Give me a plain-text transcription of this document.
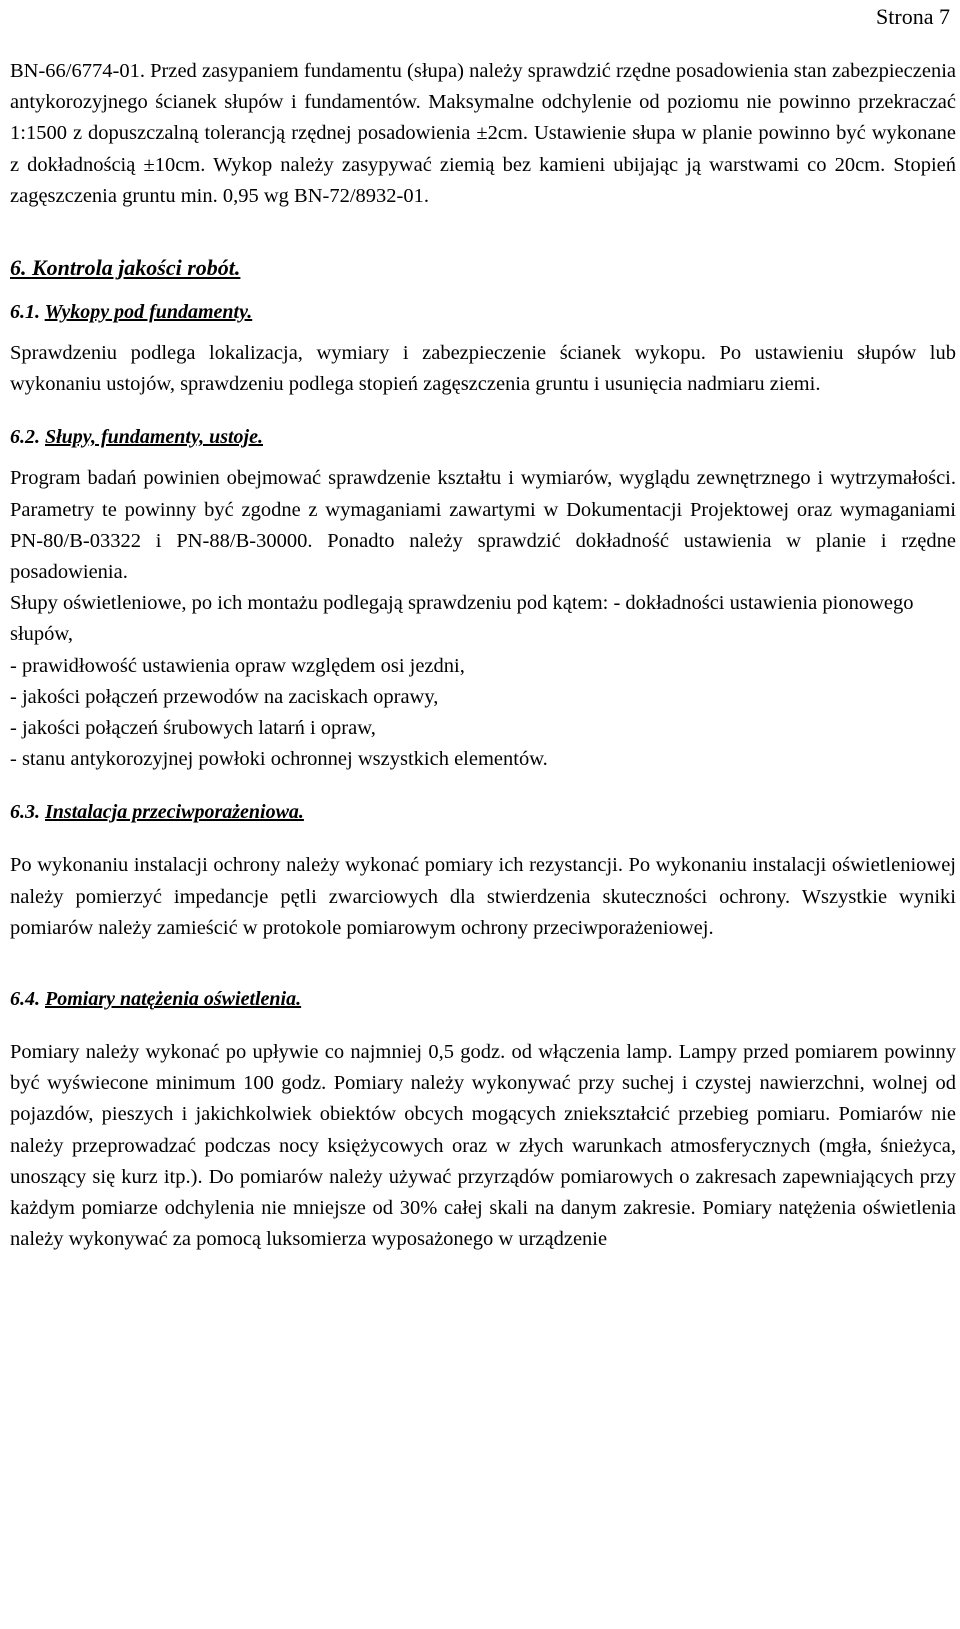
Strona 7

BN-66/6774-01. Przed zasypaniem fundamentu (słupa) należy sprawdzić rzędne posadowienia stan zabezpieczenia antykorozyjnego ścianek słupów i fundamentów. Maksymalne odchylenie od poziomu nie powinno przekraczać 1:1500 z dopuszczalną tolerancją rzędnej posadowienia ±2cm. Ustawienie słupa w planie powinno być wykonane z dokładnością ±10cm. Wykop należy zasypywać ziemią bez kamieni ubijając ją warstwami co 20cm. Stopień zagęszczenia gruntu min. 0,95 wg BN-72/8932-01.

6. Kontrola jakości robót.
6.1. Wykopy pod fundamenty.

Sprawdzeniu podlega lokalizacja, wymiary i zabezpieczenie ścianek wykopu. Po ustawieniu słupów lub wykonaniu ustojów, sprawdzeniu podlega stopień zagęszczenia gruntu i usunięcia nadmiaru ziemi.

6.2. Słupy, fundamenty, ustoje.

Program badań powinien obejmować sprawdzenie kształtu i wymiarów, wyglądu zewnętrznego i wytrzymałości. Parametry te powinny być zgodne z wymaganiami zawartymi w Dokumentacji Projektowej oraz wymaganiami PN-80/B-03322 i PN-88/B-30000. Ponadto należy sprawdzić dokładność ustawienia w planie i rzędne posadowienia.

Słupy oświetleniowe, po ich montażu podlegają sprawdzeniu pod kątem: - dokładności ustawienia pionowego słupów,

- prawidłowość ustawienia opraw względem osi jezdni,

- jakości połączeń przewodów na zaciskach oprawy,

- jakości połączeń śrubowych latarń i opraw,

- stanu antykorozyjnej powłoki ochronnej wszystkich elementów.

6.3. Instalacja przeciwporażeniowa.

Po wykonaniu instalacji ochrony należy wykonać pomiary ich rezystancji. Po wykonaniu instalacji oświetleniowej należy pomierzyć impedancje pętli zwarciowych dla stwierdzenia skuteczności ochrony. Wszystkie wyniki pomiarów należy zamieścić w protokole pomiarowym ochrony przeciwporażeniowej.

6.4. Pomiary natężenia oświetlenia.

Pomiary należy wykonać po upływie co najmniej 0,5 godz. od włączenia lamp. Lampy przed pomiarem powinny być wyświecone minimum 100 godz. Pomiary należy wykonywać przy suchej i czystej nawierzchni, wolnej od pojazdów, pieszych i jakichkolwiek obiektów obcych mogących zniekształcić przebieg pomiaru. Pomiarów nie należy przeprowadzać podczas nocy księżycowych oraz w złych warunkach atmosferycznych (mgła, śnieżyca, unoszący się kurz itp.). Do pomiarów należy używać przyrządów pomiarowych o zakresach zapewniających przy każdym pomiarze odchylenia nie mniejsze od 30% całej skali na danym zakresie. Pomiary natężenia oświetlenia należy wykonywać za pomocą luksomierza wyposażonego w urządzenie
